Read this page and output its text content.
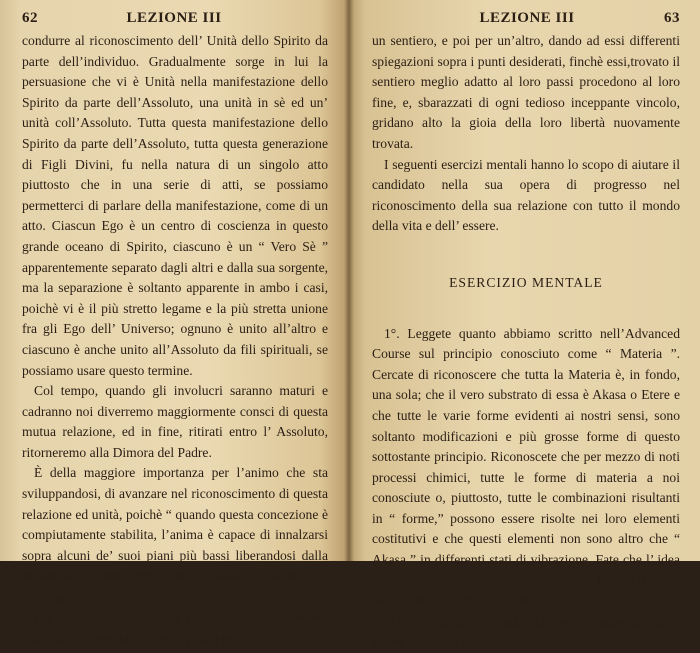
62	LEZIONE III

condurre al riconoscimento dell’ Unità dello Spirito da parte dell’individuo. Gradualmente sorge in lui la persuasione che vi è Unità nella manifestazione dello Spirito da parte dell’Assoluto, una unità in sè ed un’ unità coll’Assoluto. Tutta questa manifestazione dello Spirito da parte dell’Assoluto, tutta questa generazione di Figli Divini, fu nella natura di un singolo atto piuttosto che in una serie di atti, se possiamo permetterci di parlare della manifestazione, come di un atto. Ciascun Ego è un centro di coscienza in questo grande oceano di Spirito, ciascuno è un “ Vero Sè ” apparentemente separato dagli altri e dalla sua sorgente, ma la separazione è soltanto apparente in ambo i casi, poichè vi è il più stretto legame e la più stretta unione fra gli Ego dell’ Universo; ognuno è unito all’altro e ciascuno è anche unito all’Assoluto da fili spirituali, se possiamo usare questo termine.

Col tempo, quando gli involucri saranno maturi e cadranno noi diverremo maggiormente consci di questa mutua relazione, ed in fine, ritirati entro l’ Assoluto, ritorneremo alla Dimora del Padre.

È della maggiore importanza per l’animo che sta sviluppandosi, di avanzare nel riconoscimento di questa relazione ed unità, poichè “ quando questa concezione è compiutamente stabilita, l’anima è capace di innalzarsi sopra alcuni de’ suoi piani più bassi liberandosi dalla influenza di certe leggi che vincolano l’ anima non sviluppata.”

Per questo i maestri Yoghi conducono costantemente i candidati verso questa meta, prima per

LEZIONE III	63

un sentiero, e poi per un’altro, dando ad essi differenti spiegazioni sopra i punti desiderati, finchè essi,trovato il sentiero meglio adatto al loro passi procedono al loro fine, e, sbarazzati di ogni tedioso inceppante vincolo, gridano alto la gioia della loro libertà nuovamente trovata.

I seguenti esercizi mentali hanno lo scopo di aiutare il candidato nella sua opera di progresso nel riconoscimento della sua relazione con tutto il mondo della vita e dell’ essere.

ESERCIZIO MENTALE

1°. Leggete quanto abbiamo scritto nell’Advanced Course sul principio conosciuto come “ Materia ”. Cercate di riconoscere che tutta la Materia è, in fondo, una sola; che il vero substrato di essa è Akasa o Etere e che tutte le varie forme evidenti ai nostri sensi, sono soltanto modificazioni e più grosse forme di questo sottostante principio. Riconoscete che per mezzo di noti processi chimici, tutte le forme di materia a noi conosciute o, piuttosto, tutte le combinazioni risultanti in “ forme,” possono essere risolte nei loro elementi costitutivi e che questi elementi non sono altro che “ Akasa ” in differenti stati di vibrazione. Fate che l’ idea dell’ Unità del mondo visibile penetri profondamente nella vostra mente fino a che essa vi si fissi. L’ erronea concezione della diversità, nel mondo materiale, dev’ essere sostituita dalla co-
